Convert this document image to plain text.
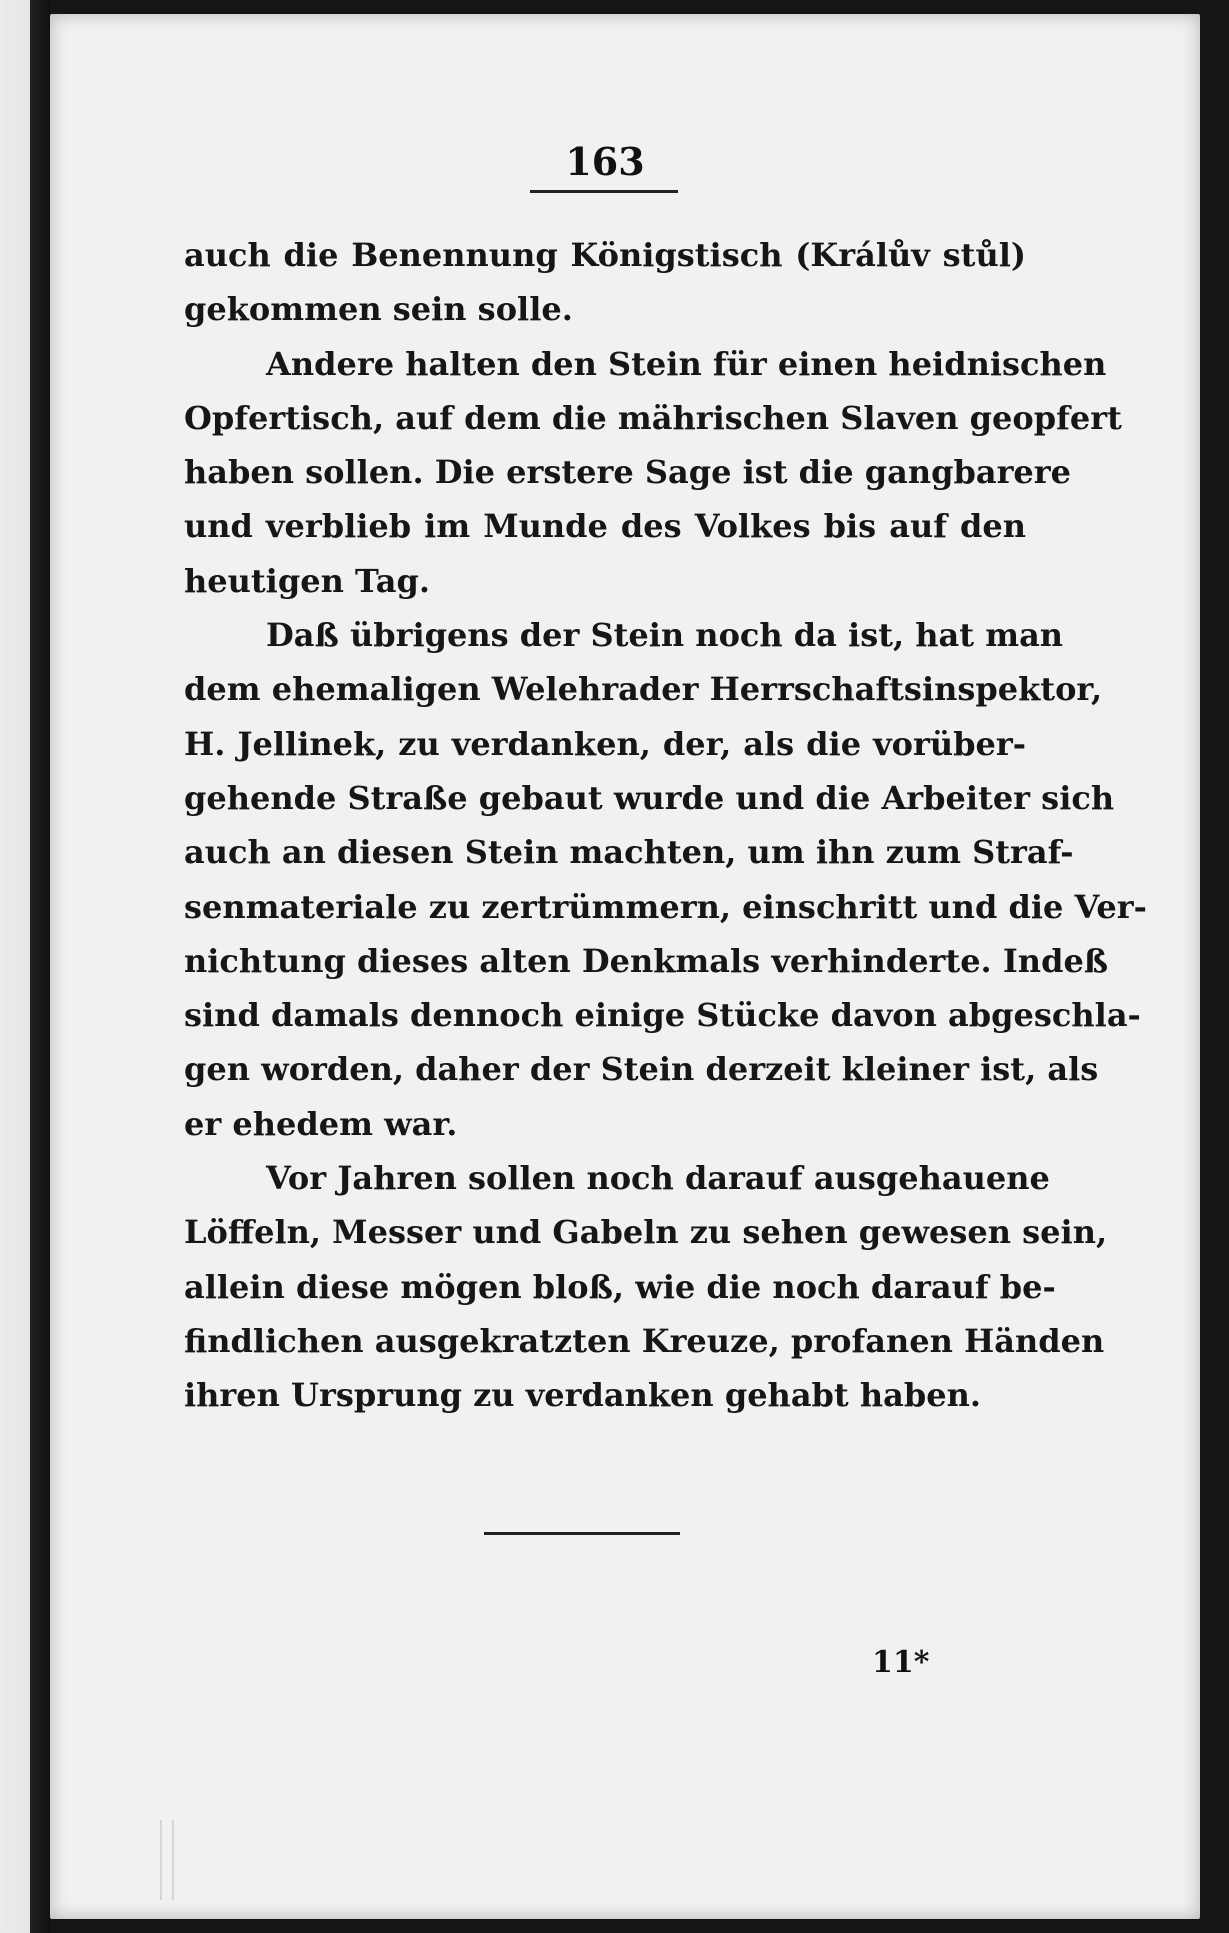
163
auch die Benennung Königstisch (Králův stůl)
gekommen sein solle.
Andere halten den Stein für einen heidnischen
Opfertisch, auf dem die mährischen Slaven geopfert
haben sollen. Die erstere Sage ist die gangbarere
und verblieb im Munde des Volkes bis auf den
heutigen Tag.
Daß übrigens der Stein noch da ist, hat man
dem ehemaligen Welehrader Herrschaftsinspektor,
H. Jellinek, zu verdanken, der, als die vorüber-
gehende Straße gebaut wurde und die Arbeiter sich
auch an diesen Stein machten, um ihn zum Straf-
senmateriale zu zertrümmern, einschritt und die Ver-
nichtung dieses alten Denkmals verhinderte. Indeß
sind damals dennoch einige Stücke davon abgeschla-
gen worden, daher der Stein derzeit kleiner ist, als
er ehedem war.
Vor Jahren sollen noch darauf ausgehauene
Löffeln, Messer und Gabeln zu sehen gewesen sein,
allein diese mögen bloß, wie die noch darauf be-
findlichen ausgekratzten Kreuze, profanen Händen
ihren Ursprung zu verdanken gehabt haben.
11*
